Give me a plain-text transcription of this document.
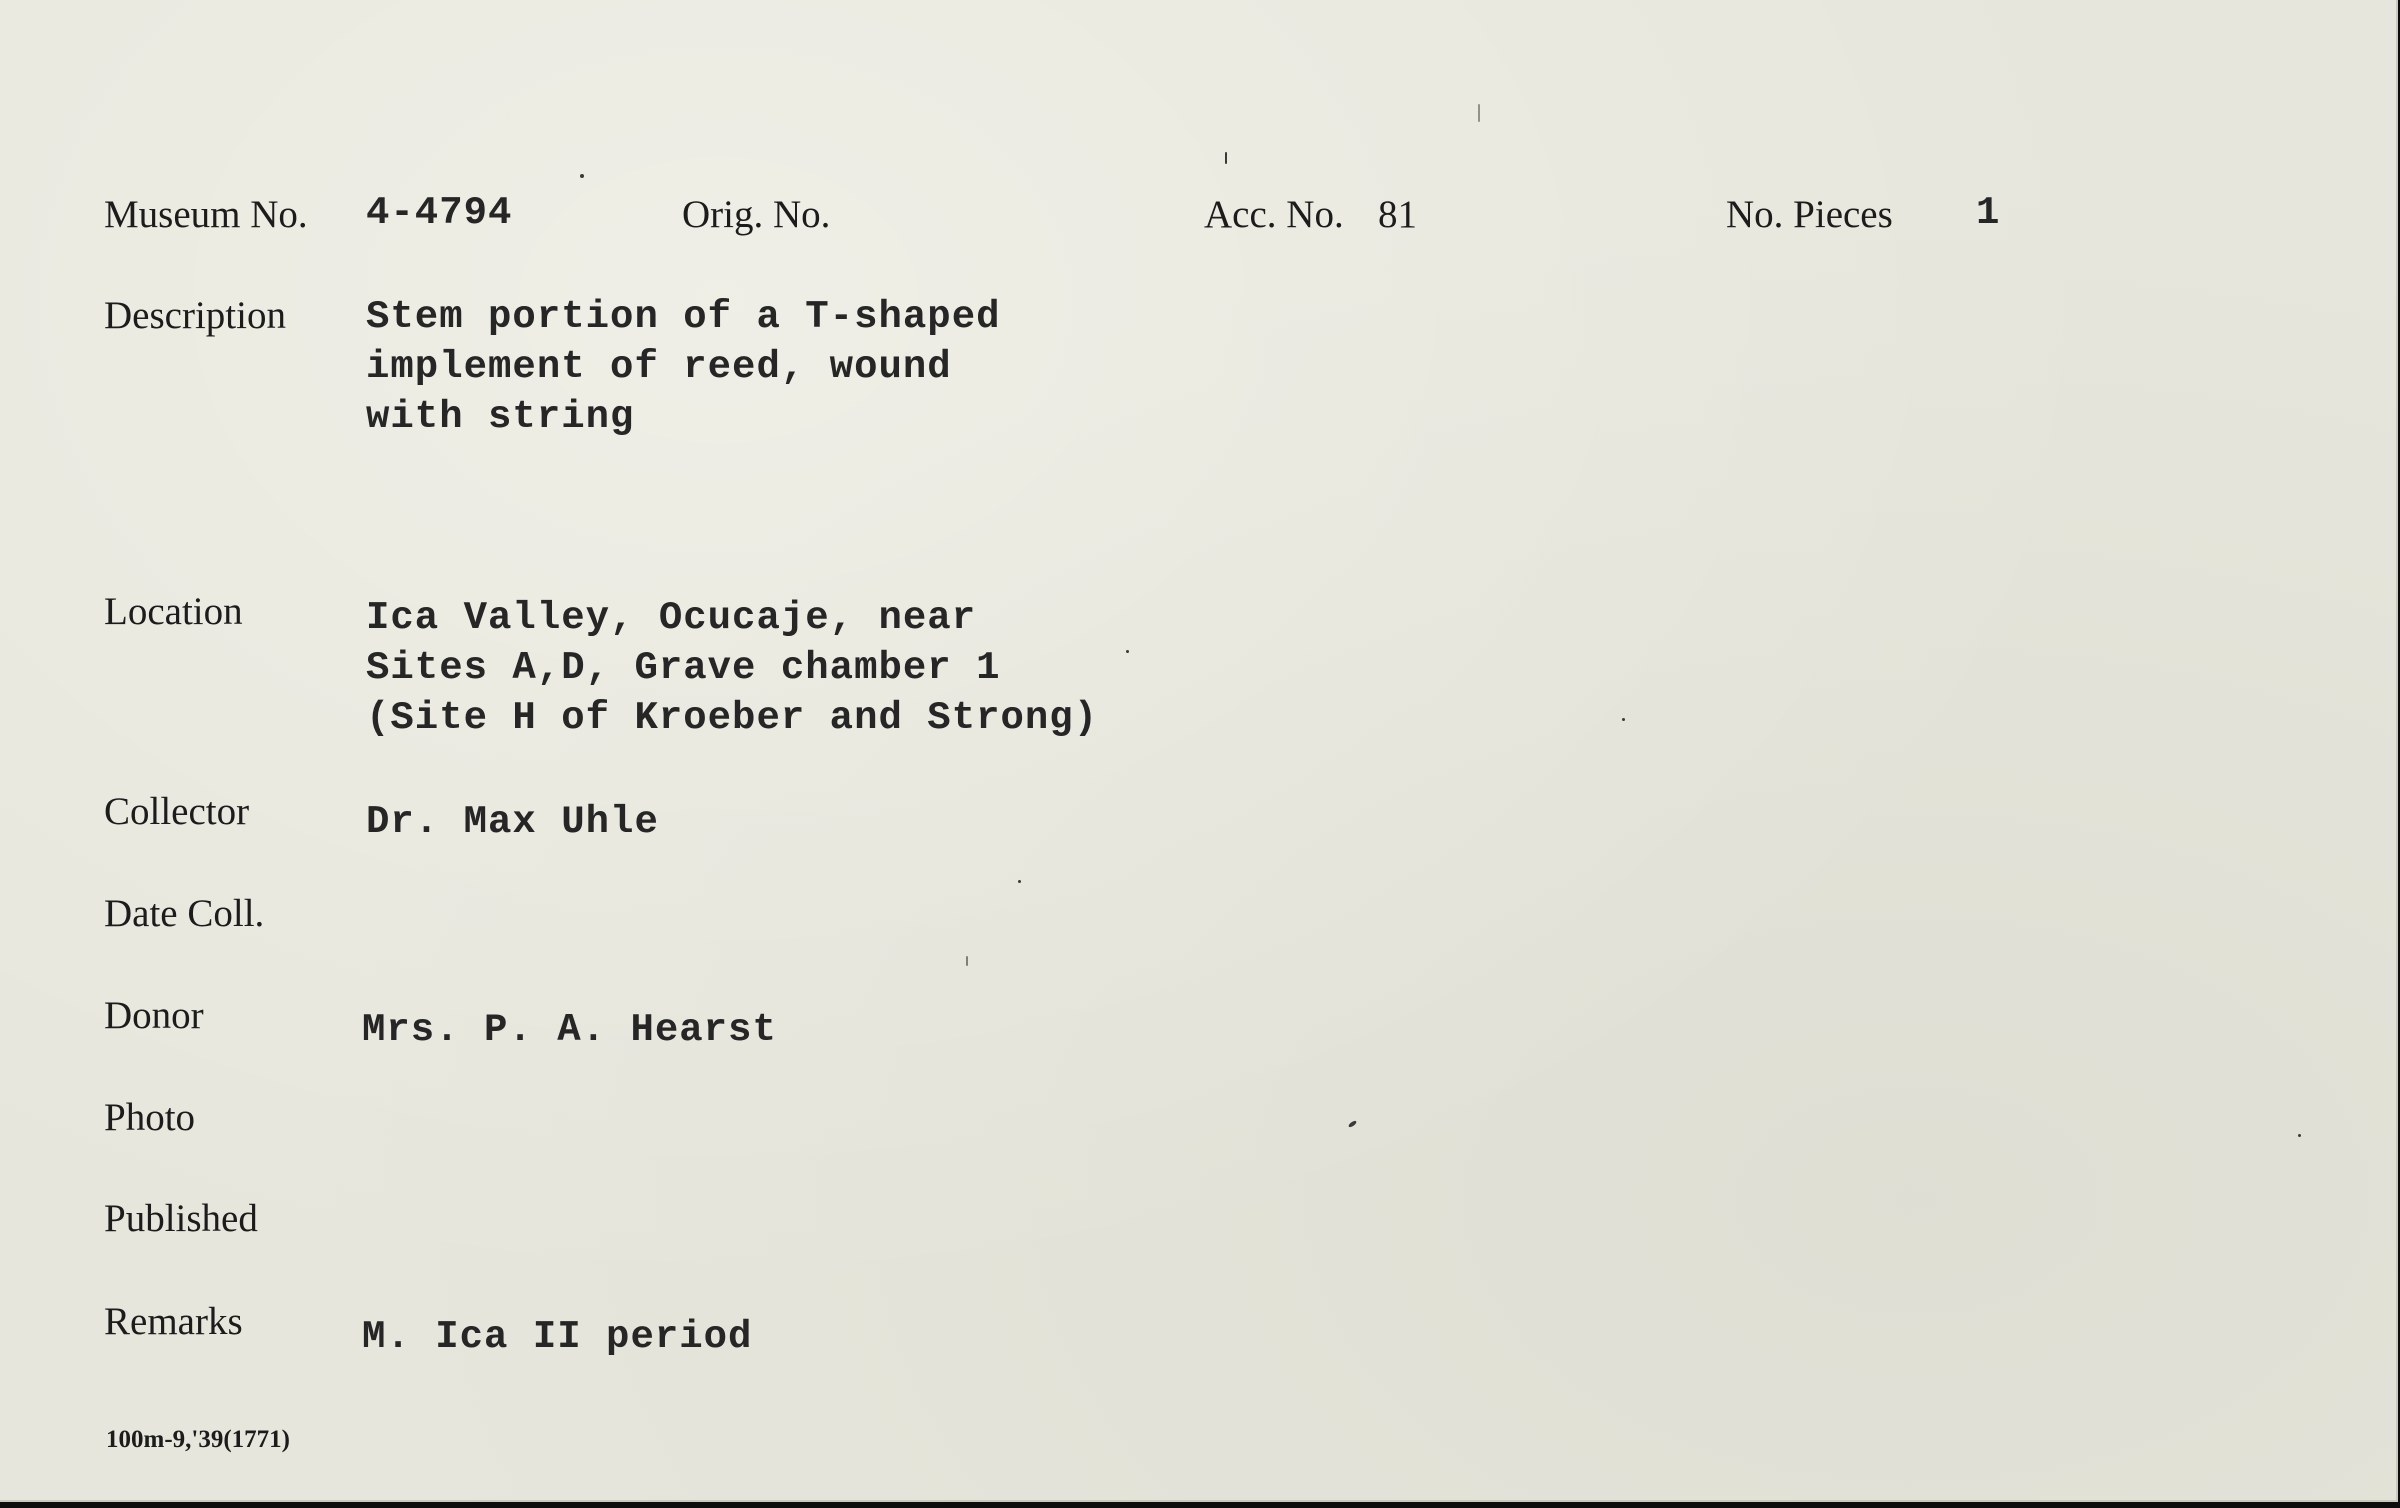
Museum No. 4-4794	Orig. No.	Acc. No. 81	No. Pieces 1
Description Stem portion of a T-shaped
implement of reed, wound
with string
Location	Ica Valley, Ocucaje, near
Sites A,D, Grave chamber 1
(Site H of Kroeber and Strong)
Collector	Dr. Max Uhle
Date Coll.
Donor	Mrs. P. A. Hearst
Photo
Published
Remarks	M. Ica II period
100m-9,'39(1771)
